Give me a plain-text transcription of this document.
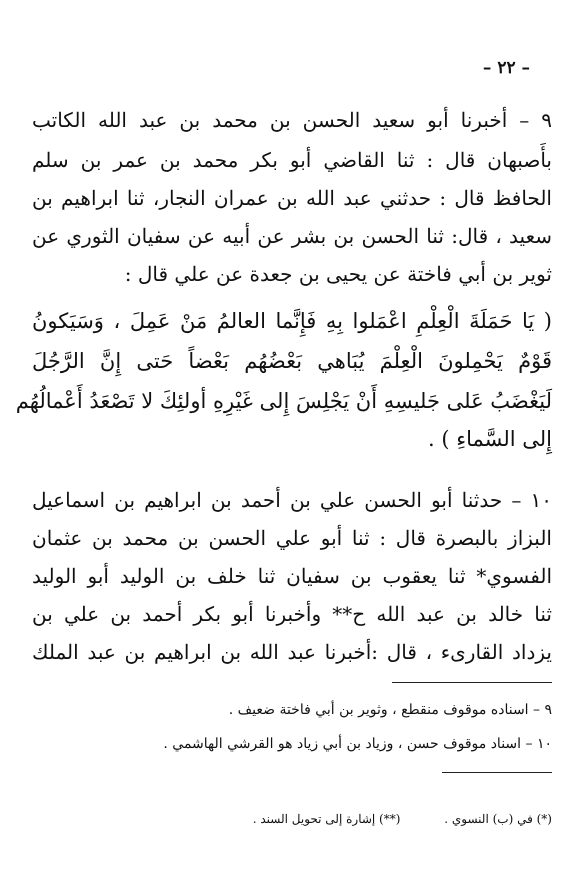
– ٢٢ –
٩ – أخبرنا أبو سعيد الحسن بن محمد بن عبد الله الكاتب
بأَصبهان قال : ثنا القاضي أبو بكر محمد بن عمر بن سلم
الحافظ قال : حدثني عبد الله بن عمران النجار، ثنا ابراهيم بن
سعيد ، قال: ثنا الحسن بن بشر عن أبيه عن سفيان الثوري عن
ثوير بن أبي فاختة عن يحيى بن جعدة عن علي قال :
( يَا حَمَلَةَ الْعِلْمِ اعْمَلوا بِهِ فَإِنَّما العالمُ مَنْ عَمِلَ ، وَسَيَكونُ
قَوْمٌ يَحْمِلونَ الْعِلْمَ يُبَاهي بَعْضُهُم بَعْضاً حَتى إِنَّ الرَّجُلَ
لَيَغْضَبُ عَلى جَليسِهِ أَنْ يَجْلِسَ إِلى غَيْرِهِ أولئِكَ لا تَصْعَدُ أَعْمالُهُم
إِلى السَّماءِ ) .
١٠ – حدثنا أبو الحسن علي بن أحمد بن ابراهيم بن اسماعيل
البزاز بالبصرة قال : ثنا أبو علي الحسن بن محمد بن عثمان
الفسوي* ثنا يعقوب بن سفيان ثنا خلف بن الوليد أبو الوليد
ثنا خالد بن عبد الله ح** وأخبرنا أبو بكر أحمد بن علي بن
يزداد القارىء ، قال :أخبرنا عبد الله بن ابراهيم بن عبد الملك
٩ – اسناده موقوف منقطع ، وثوير بن أبي فاختة ضعيف .
١٠ – اسناد موقوف حسن ، وزياد بن أبي زياد هو القرشي الهاشمي .
(*) في (ب) النسوي . (**) إشارة إلى تحويل السند .
